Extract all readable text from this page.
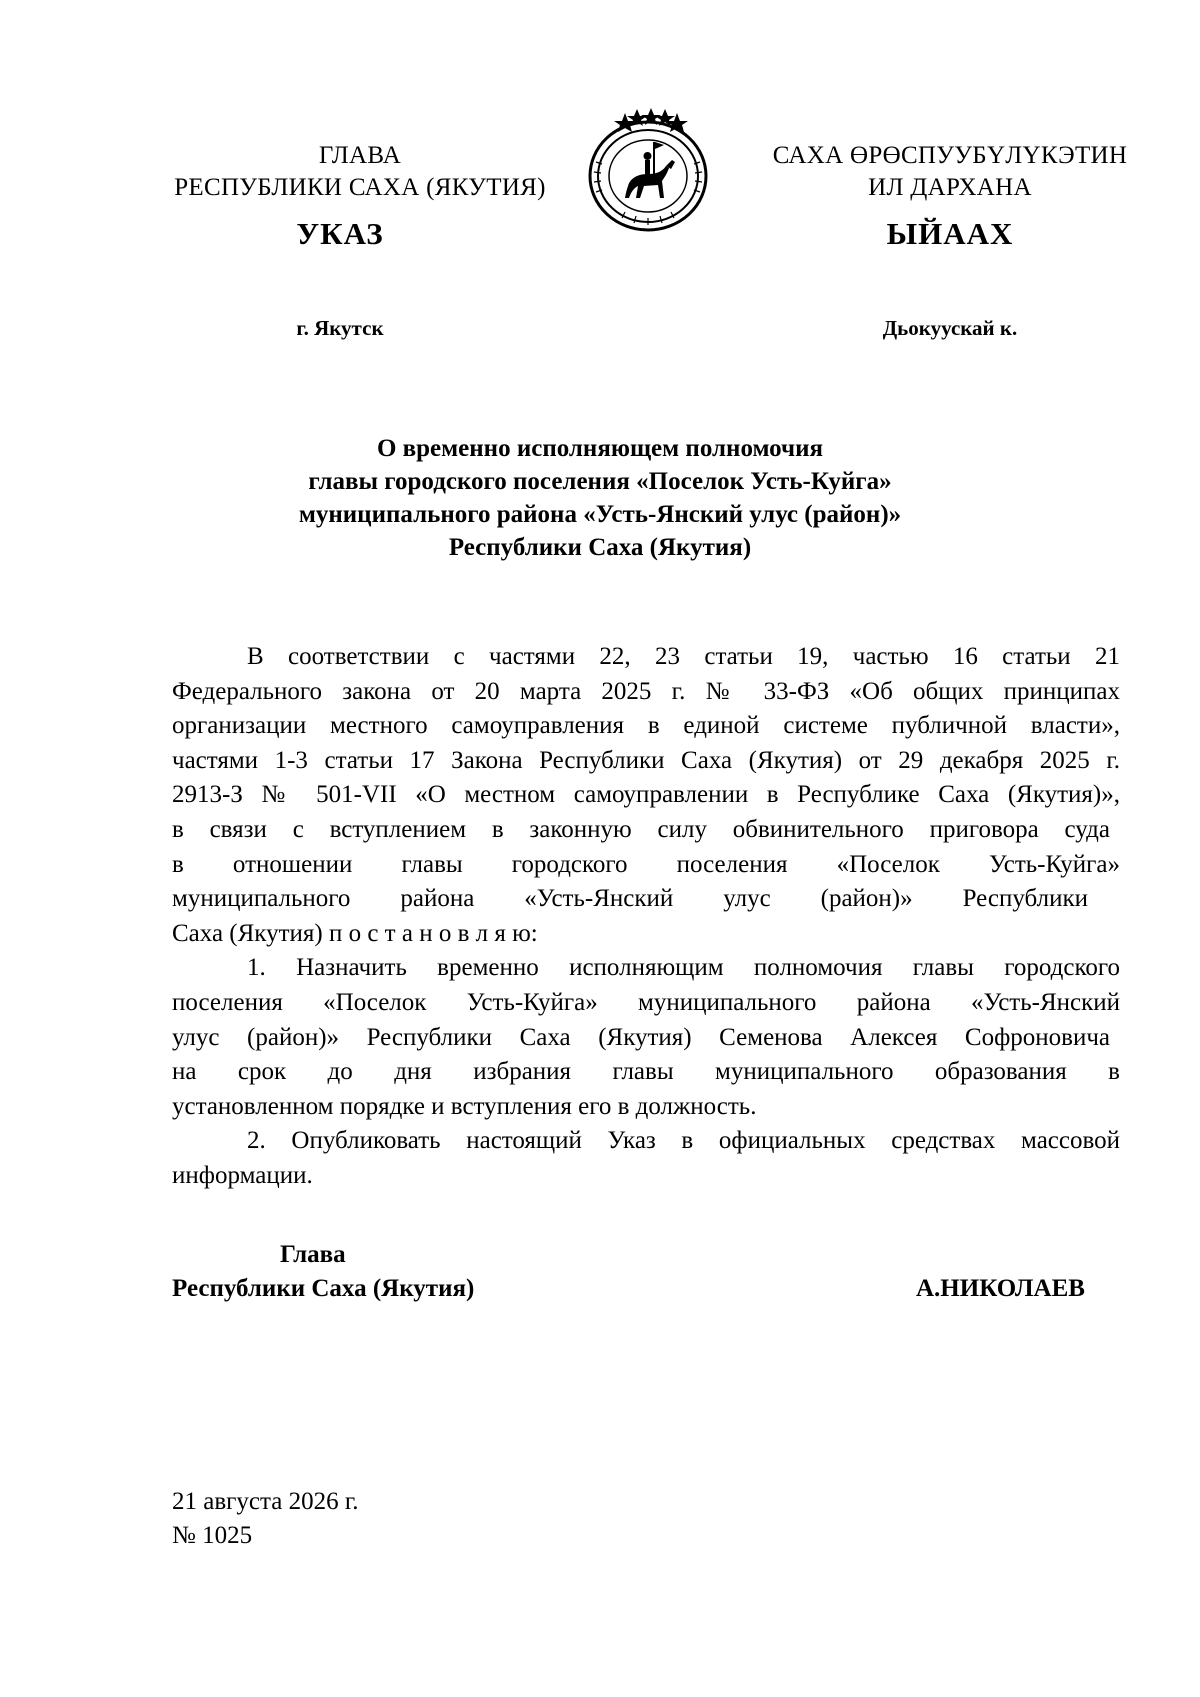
ГЛАВА
РЕСПУБЛИКИ САХА (ЯКУТИЯ)
САХА ӨРӨСПУУБҮЛҮКЭТИН
ИЛ ДАРХАНА
УКАЗ	ЫЙААХ
г. Якутск	Дьокуускай к.
О временно исполняющем полномочия
главы городского поселения «Поселок Усть-Куйга»
муниципального района «Усть-Янский улус (район)»
Республики Саха (Якутия)
В соответствии с частями 22, 23 статьи 19, частью 16 статьи 21
Федерального закона от 20 марта 2025 г. № 33-ФЗ «Об общих принципах
организации местного самоуправления в единой системе публичной власти»,
частями 1-3 статьи 17 Закона Республики Саха (Якутия) от 29 декабря 2025 г.
2913-З № 501-VII «О местном самоуправлении в Республике Саха (Якутия)»,
в связи с вступлением в законную силу обвинительного приговора суда
в отношении главы городского поселения «Поселок Усть-Куйга»
муниципального района «Усть-Янский улус (район)» Республики
Саха (Якутия) п о с т а н о в л я ю:
1. Назначить временно исполняющим полномочия главы городского
поселения «Поселок Усть-Куйга» муниципального района «Усть-Янский
улус (район)» Республики Саха (Якутия) Семенова Алексея Софроновича
на срок до дня избрания главы муниципального образования в
установленном порядке и вступления его в должность.
2. Опубликовать настоящий Указ в официальных средствах массовой
информации.
Глава
Республики Саха (Якутия)	А.НИКОЛАЕВ
21 августа 2026 г.
№ 1025
